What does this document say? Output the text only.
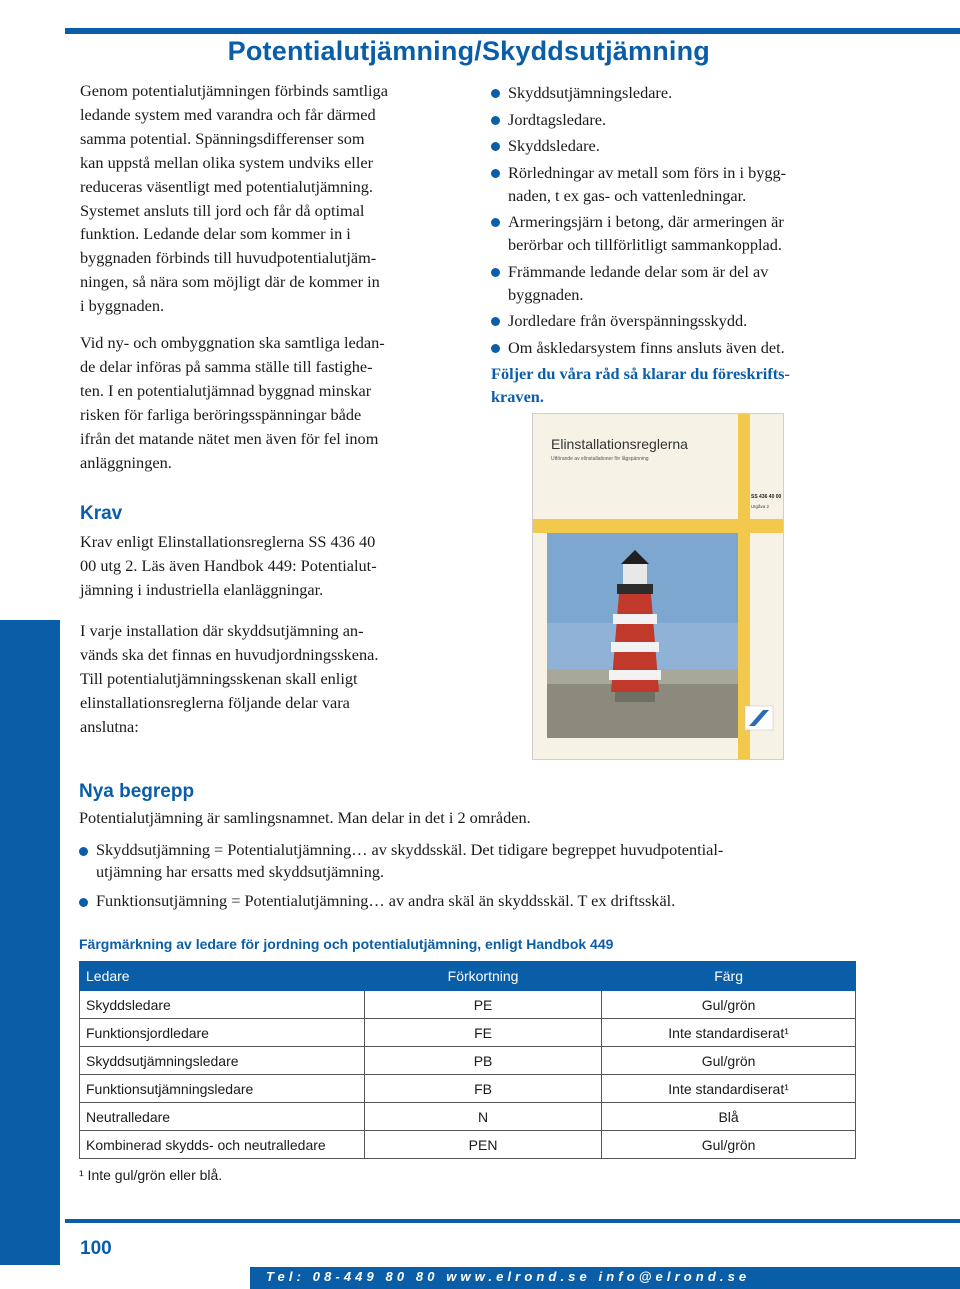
Potentialutjämning/Skyddsutjämning

Genom potentialutjämningen förbinds samtliga
ledande system med varandra och får därmed
samma potential. Spänningsdifferenser som
kan uppstå mellan olika system undviks eller
reduceras väsentligt med potentialutjämning.
Systemet ansluts till jord och får då optimal
funktion. Ledande delar som kommer in i
byggnaden förbinds till huvudpotentialutjäm-
ningen, så nära som möjligt där de kommer in
i byggnaden.

Vid ny- och ombyggnation ska samtliga ledan-
de delar införas på samma ställe till fastighe-
ten. I en potentialutjämnad byggnad minskar
risken för farliga beröringsspänningar både
ifrån det matande nätet men även för fel inom
anläggningen.

Krav
Krav enligt Elinstallationsreglerna SS 436 40
00 utg 2. Läs även Handbok 449: Potentialut-
jämning i industriella elanläggningar.
I varje installation där skyddsutjämning an-
vänds ska det finnas en huvudjordningsskena.
Till potentialutjämningsskenan skall enligt
elinstallationsreglerna följande delar vara
anslutna:
Skyddsutjämningsledare.
Jordtagsledare.
Skyddsledare.
Rörledningar av metall som förs in i bygg-
naden, t ex gas- och vattenledningar.
Armeringsjärn i betong, där armeringen är
berörbar och tillförlitligt sammankopplad.
Främmande ledande delar som är del av
byggnaden.
Jordledare från överspänningsskydd.
Om åskledarsystem finns ansluts även det.

Följer du våra råd så klarar du föreskrifts-
kraven.

Elinstallationsreglerna
Utförande av elinstallationer för lågspänning
SS 436 40 00
Utgåva 2
Nya begrepp
Potentialutjämning är samlingsnamnet. Man delar in det i 2 områden.
Skyddsutjämning = Potentialutjämning… av skyddsskäl. Det tidigare begreppet huvudpotential-
utjämning har ersatts med skyddsutjämning.
Funktionsutjämning = Potentialutjämning… av andra skäl än skyddsskäl. T ex driftsskäl.
Färgmärkning av ledare för jordning och potentialutjämning, enligt Handbok 449
Ledare	Förkortning	Färg
Skyddsledare	PE	Gul/grön
Funktionsjordledare	FE	Inte standardiserat¹
Skyddsutjämningsledare	PB	Gul/grön
Funktionsutjämningsledare	FB	Inte standardiserat¹
Neutralledare	N	Blå
Kombinerad skydds- och neutralledare	PEN	Gul/grön
¹ Inte gul/grön eller blå.
100
Tel: 08-449 80 80 www.elrond.se info@elrond.se
